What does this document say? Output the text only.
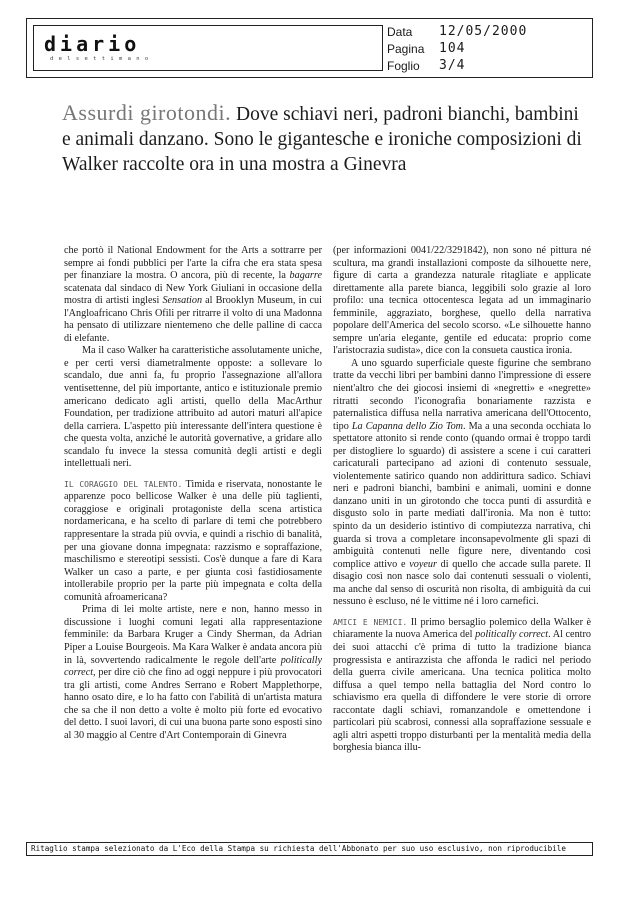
diario
d e l s e t t i m a n o
Data	12/05/2000
Pagina	104
Foglio	3/4
Assurdi girotondi. Dove schiavi neri, padroni bianchi, bambini e animali danzano. Sono le gigantesche e ironiche composizioni di Walker raccolte ora in una mostra a Ginevra

che portò il National Endowment for the Arts a sottrarre per sempre ai fondi pubblici per l'arte la cifra che era stata spesa per finanziare la mostra. O ancora, più di recente, la bagarre scatenata dal sindaco di New York Giuliani in occasione della mostra di artisti inglesi Sensation al Brooklyn Museum, in cui l'Angloafricano Chris Ofili per ritrarre il volto di una Madonna ha pensato di utilizzare nientemeno che delle palline di cacca di elefante.

Ma il caso Walker ha caratteristiche assolutamente uniche, e per certi versi diametralmente opposte: a sollevare lo scandalo, due anni fa, fu proprio l'assegnazione all'allora ventisettenne, del più importante, antico e istituzionale premio americano dedicato agli artisti, quello della MacArthur Foundation, per tradizione attribuito ad autori maturi all'apice della carriera. L'aspetto più interessante dell'intera questione è che questa volta, anziché le autorità governative, a gridare allo scandalo fu invece la stessa comunità degli artisti e degli intellettuali neri.

IL CORAGGIO DEL TALENTO. Timida e riservata, nonostante le apparenze poco bellicose Walker è una delle più taglienti, coraggiose e originali protagoniste della scena artistica nordamericana, e ha scelto di parlare di temi che potrebbero rappresentare la strada più ovvia, e quindi a rischio di banalità, per una giovane donna impegnata: razzismo e sopraffazione, maschilismo e stereotipi sessisti. Cos'è dunque a fare di Kara Walker un caso a parte, e per giunta così fastidiosamente intollerabile proprio per la parte più impegnata e colta della comunità afroamericana?

Prima di lei molte artiste, nere e non, hanno messo in discussione i luoghi comuni legati alla rappresentazione femminile: da Barbara Kruger a Cindy Sherman, da Adrian Piper a Louise Bourgeois. Ma Kara Walker è andata ancora più in là, sovvertendo radicalmente le regole dell'arte politically correct, per dire ciò che fino ad oggi neppure i più provocatori tra gli artisti, come Andres Serrano e Robert Mapplethorpe, hanno osato dire, e lo ha fatto con l'abilità di un'artista matura che sa che il non detto a volte è molto più forte ed evocativo del detto. I suoi lavori, di cui una buona parte sono esposti sino al 30 maggio al Centre d'Art Contemporain di Ginevra

(per informazioni 0041/22/3291842), non sono né pittura né scultura, ma grandi installazioni composte da silhouette nere, figure di carta a grandezza naturale ritagliate e applicate direttamente alla parete bianca, leggibili solo grazie al loro profilo: una tecnica ottocentesca legata ad un immaginario femminile, aggraziato, borghese, quello della narrativa popolare dell'America del secolo scorso. «Le silhouette hanno sempre un'aria elegante, gentile ed educata: proprio come l'aristocrazia sudista», dice con la consueta caustica ironia.

A uno sguardo superficiale queste figurine che sembrano tratte da vecchi libri per bambini danno l'impressione di essere nient'altro che dei giocosi insiemi di «negretti» e «negrette» ritratti secondo l'iconografia bonariamente razzista e paternalistica diffusa nella narrativa americana dell'Ottocento, tipo La Capanna dello Zio Tom. Ma a una seconda occhiata lo spettatore attonito si rende conto (quando ormai è troppo tardi per distogliere lo sguardo) di assistere a scene i cui caratteri caricaturali partecipano ad azioni di contenuto sessuale, violentemente satirico quando non addirittura sadico. Schiavi neri e padroni bianchi, bambini e animali, uomini e donne danzano uniti in un girotondo che tocca punti di assurdità e disgusto solo in parte mediati dall'ironia. Ma non è tutto: spinto da un desiderio istintivo di compiutezza narrativa, chi guarda si trova a completare inconsapevolmente gli spazi di ambiguità contenuti nelle figure nere, diventando così complice attivo e voyeur di quello che accade sulla parete. Il disagio così non nasce solo dai contenuti sessuali o violenti, ma anche dal senso di oscurità non risolta, di ambiguità da cui nessuno è escluso, né le vittime né i loro carnefici.

AMICI E NEMICI. Il primo bersaglio polemico della Walker è chiaramente la nuova America del politically correct. Al centro dei suoi attacchi c'è prima di tutto la tradizione bianca progressista e antirazzista che affonda le radici nel periodo della guerra civile americana. Una tecnica politica molto diffusa a quel tempo nella battaglia del Nord contro lo schiavismo era quella di diffondere le vere storie di orrore raccontate dagli schiavi, romanzandole e omettendone i particolari più scabrosi, connessi alla sopraffazione sessuale e agli altri aspetti troppo disturbanti per la mentalità media della borghesia bianca illu-

Ritaglio stampa selezionato da L'Eco della Stampa su richiesta dell'Abbonato per suo uso esclusivo, non riproducibile
